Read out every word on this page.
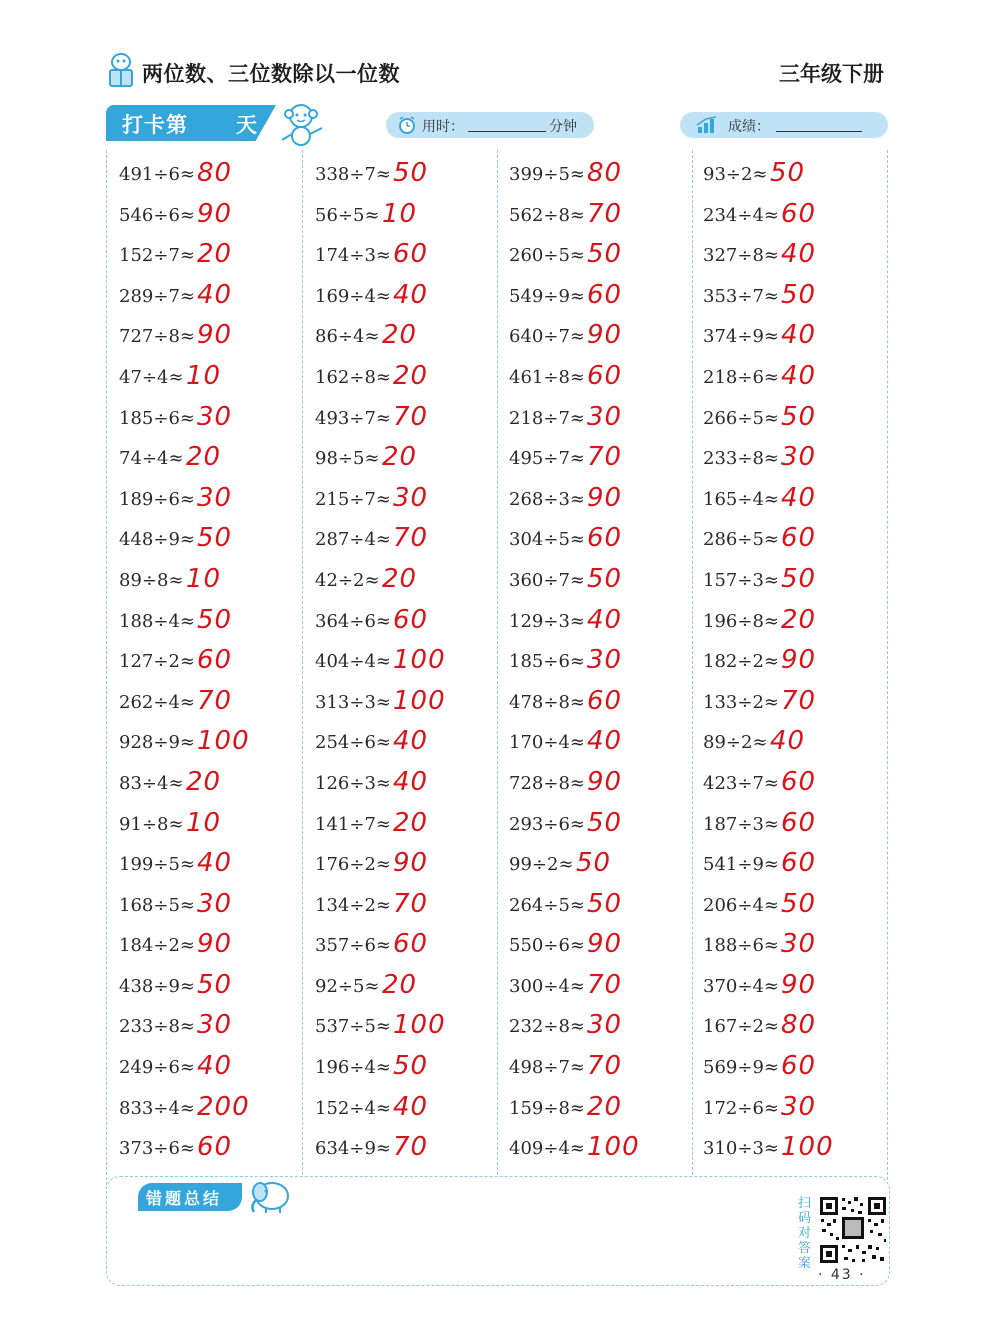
两位数、三位数除以一位数	三年级下册
打卡第 天	用时：	分钟	成绩：
491÷6≈ 80
546÷6≈ 90
152÷7≈ 20
289÷7≈ 40
727÷8≈ 90
47÷4≈ 10
185÷6≈ 30
74÷4≈ 20
189÷6≈ 30
448÷9≈ 50
89÷8≈ 10
188÷4≈ 50
127÷2≈ 60
262÷4≈ 70
928÷9≈ 100
83÷4≈ 20
91÷8≈ 10
199÷5≈ 40
168÷5≈ 30
184÷2≈ 90
438÷9≈ 50
233÷8≈ 30
249÷6≈ 40
833÷4≈ 200
373÷6≈ 60
338÷7≈ 50
56÷5≈ 10
174÷3≈ 60
169÷4≈ 40
86÷4≈ 20
162÷8≈ 20
493÷7≈ 70
98÷5≈ 20
215÷7≈ 30
287÷4≈ 70
42÷2≈ 20
364÷6≈ 60
404÷4≈ 100
313÷3≈ 100
254÷6≈ 40
126÷3≈ 40
141÷7≈ 20
176÷2≈ 90
134÷2≈ 70
357÷6≈ 60
92÷5≈ 20
537÷5≈ 100
196÷4≈ 50
152÷4≈ 40
634÷9≈ 70
399÷5≈ 80
562÷8≈ 70
260÷5≈ 50
549÷9≈ 60
640÷7≈ 90
461÷8≈ 60
218÷7≈ 30
495÷7≈ 70
268÷3≈ 90
304÷5≈ 60
360÷7≈ 50
129÷3≈ 40
185÷6≈ 30
478÷8≈ 60
170÷4≈ 40
728÷8≈ 90
293÷6≈ 50
99÷2≈ 50
264÷5≈ 50
550÷6≈ 90
300÷4≈ 70
232÷8≈ 30
498÷7≈ 70
159÷8≈ 20
409÷4≈ 100
93÷2≈ 50
234÷4≈ 60
327÷8≈ 40
353÷7≈ 50
374÷9≈ 40
218÷6≈ 40
266÷5≈ 50
233÷8≈ 30
165÷4≈ 40
286÷5≈ 60
157÷3≈ 50
196÷8≈ 20
182÷2≈ 90
133÷2≈ 70
89÷2≈ 40
423÷7≈ 60
187÷3≈ 60
541÷9≈ 60
206÷4≈ 50
188÷6≈ 30
370÷4≈ 90
167÷2≈ 80
569÷9≈ 60
172÷6≈ 30
310÷3≈ 100
错题总结	扫码对答案
· 43 ·
